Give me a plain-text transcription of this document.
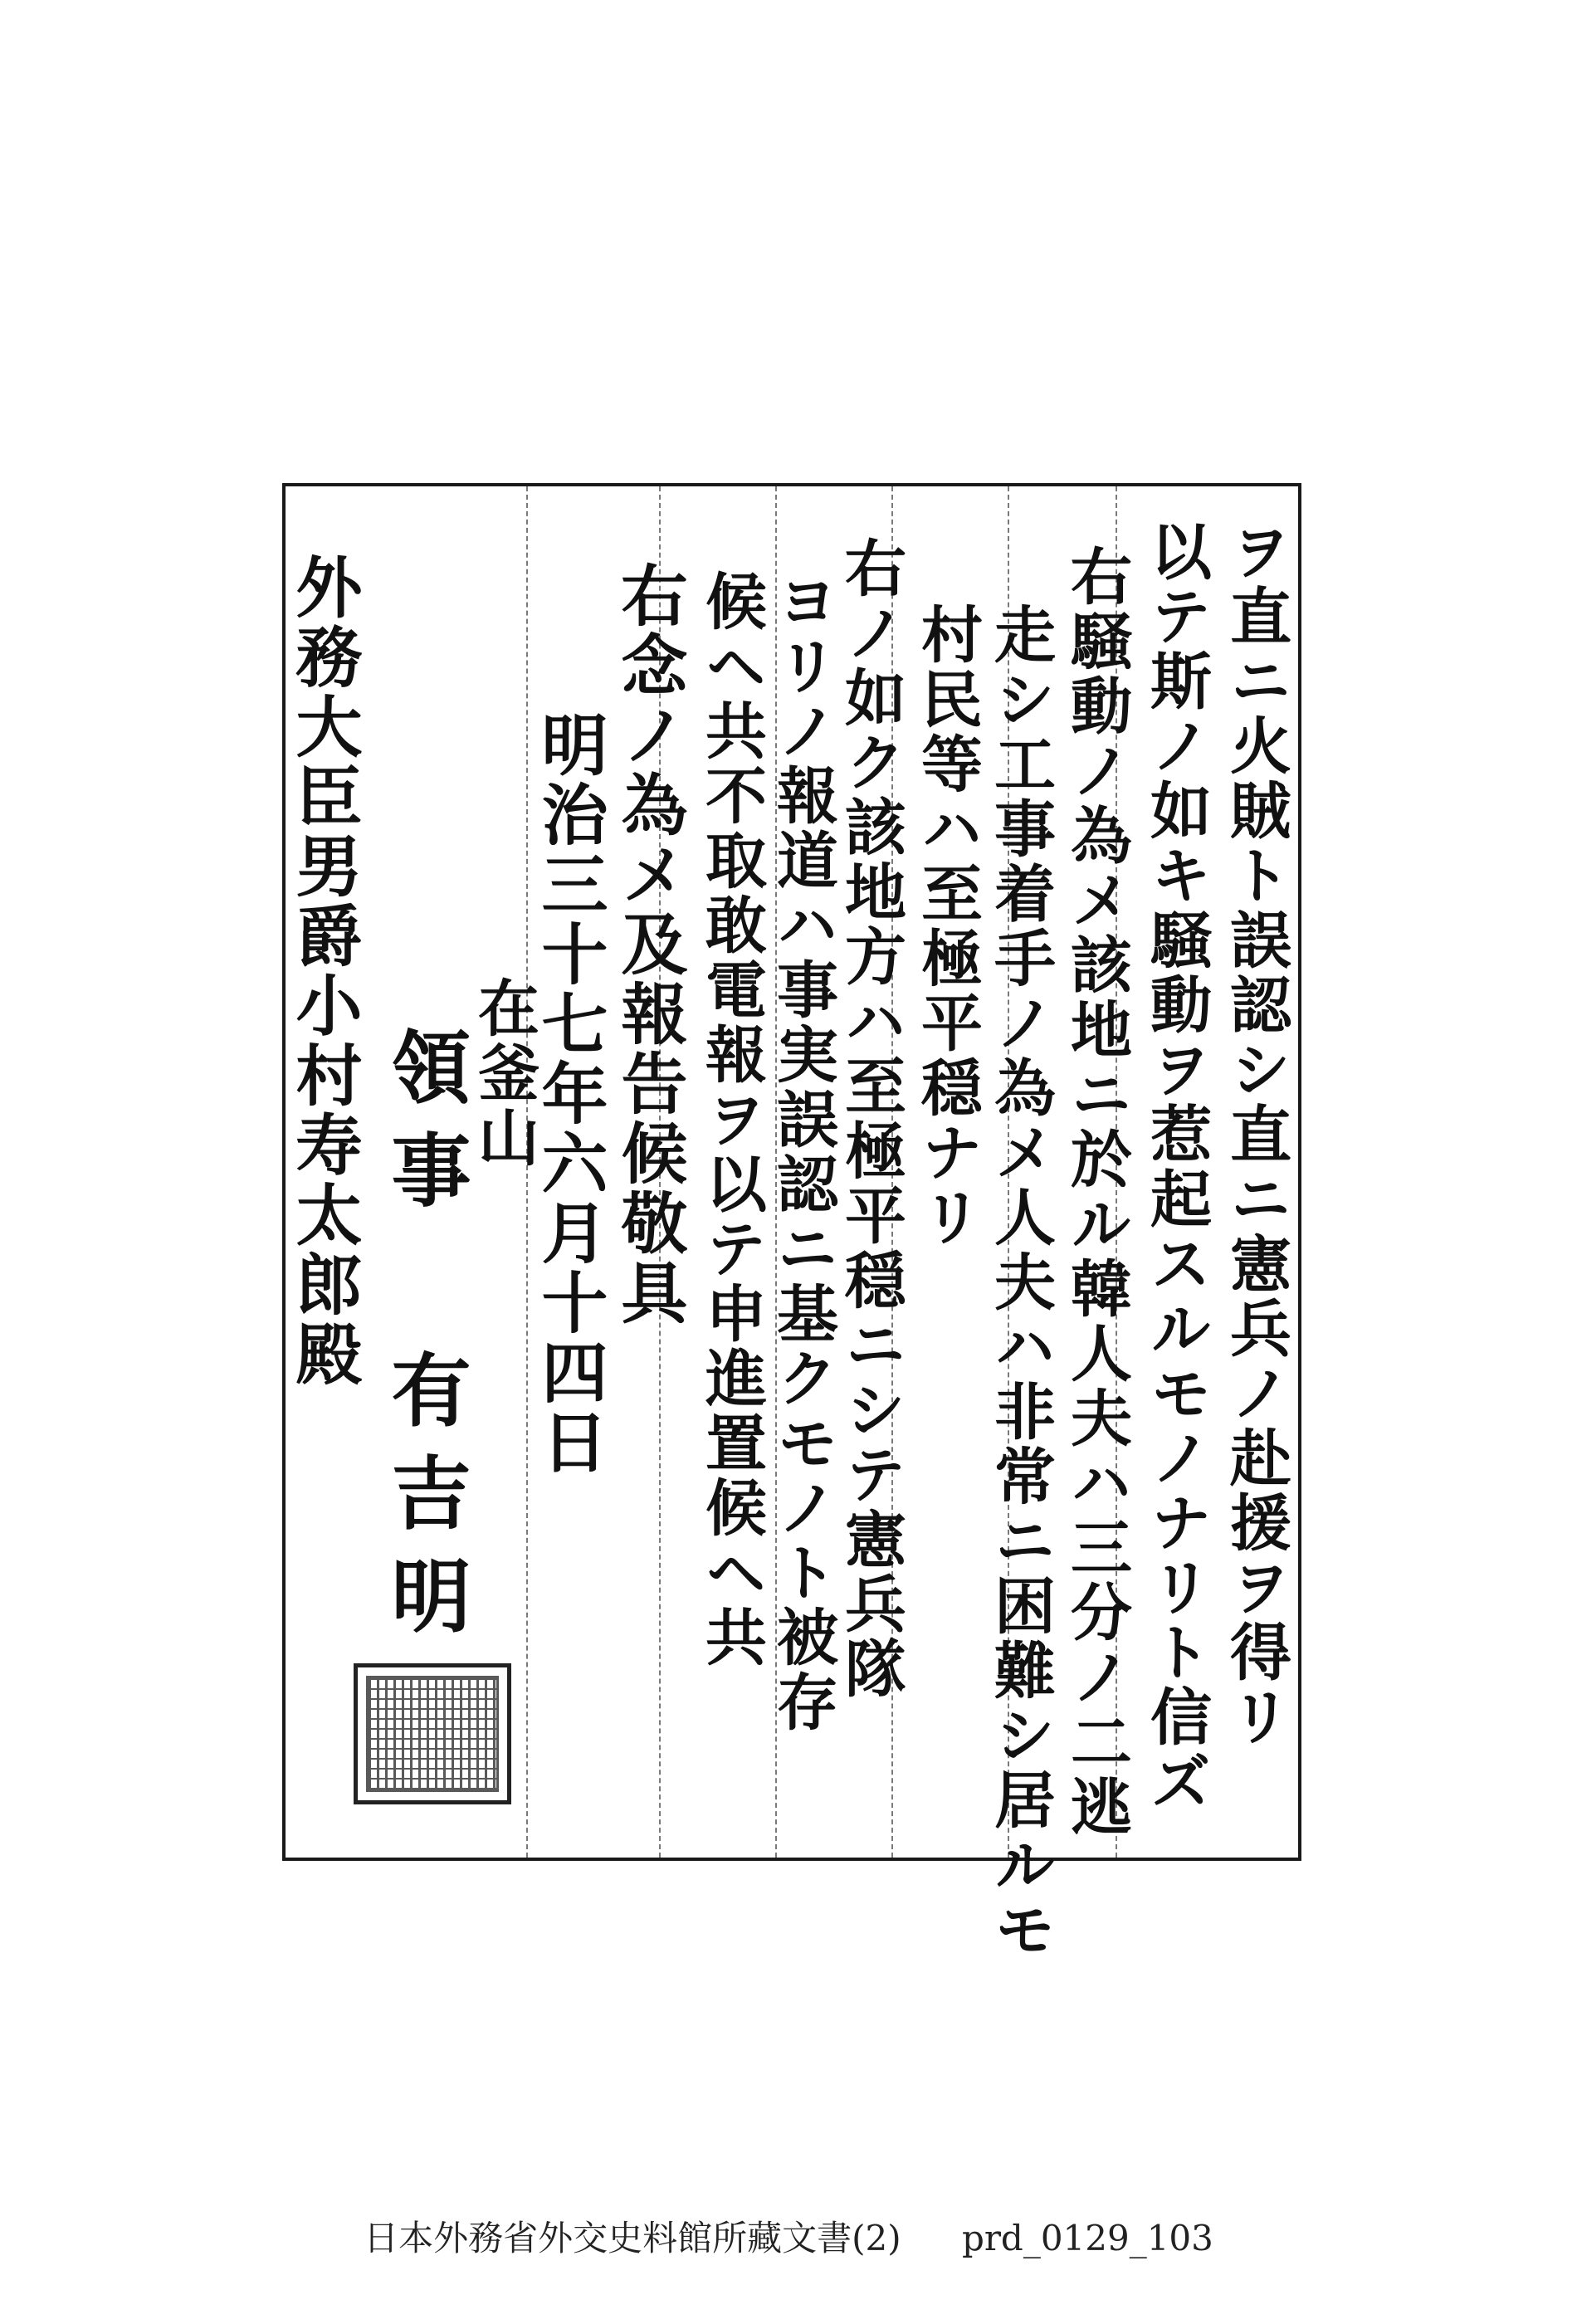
ヲ直ニ火賊ト誤認シ直ニ憲兵ノ赴援ヲ得リ
以テ斯ノ如キ騒動ヲ惹起スルモノナリト信ズ
右騒動ノ為メ該地ニ於ル韓人夫ハ三分ノ二逃
走シ工事着手ノ為メ人夫ハ非常ニ困難シ居ルモ
村民等ハ至極平穏ナリ
右ノ如ク該地方ハ至極平穏ニシテ憲兵隊
ヨリノ報道ハ事実誤認ニ基クモノト被存
候ヘ共不取敢電報ヲ以テ申進置候ヘ共
右念ノ為メ及報告候敬具
明治三十七年六月十四日
在釜山
領事 有吉明
外務大臣男爵小村寿太郎殿
日本外務省外交史料館所藏文書(2) prd_0129_103
